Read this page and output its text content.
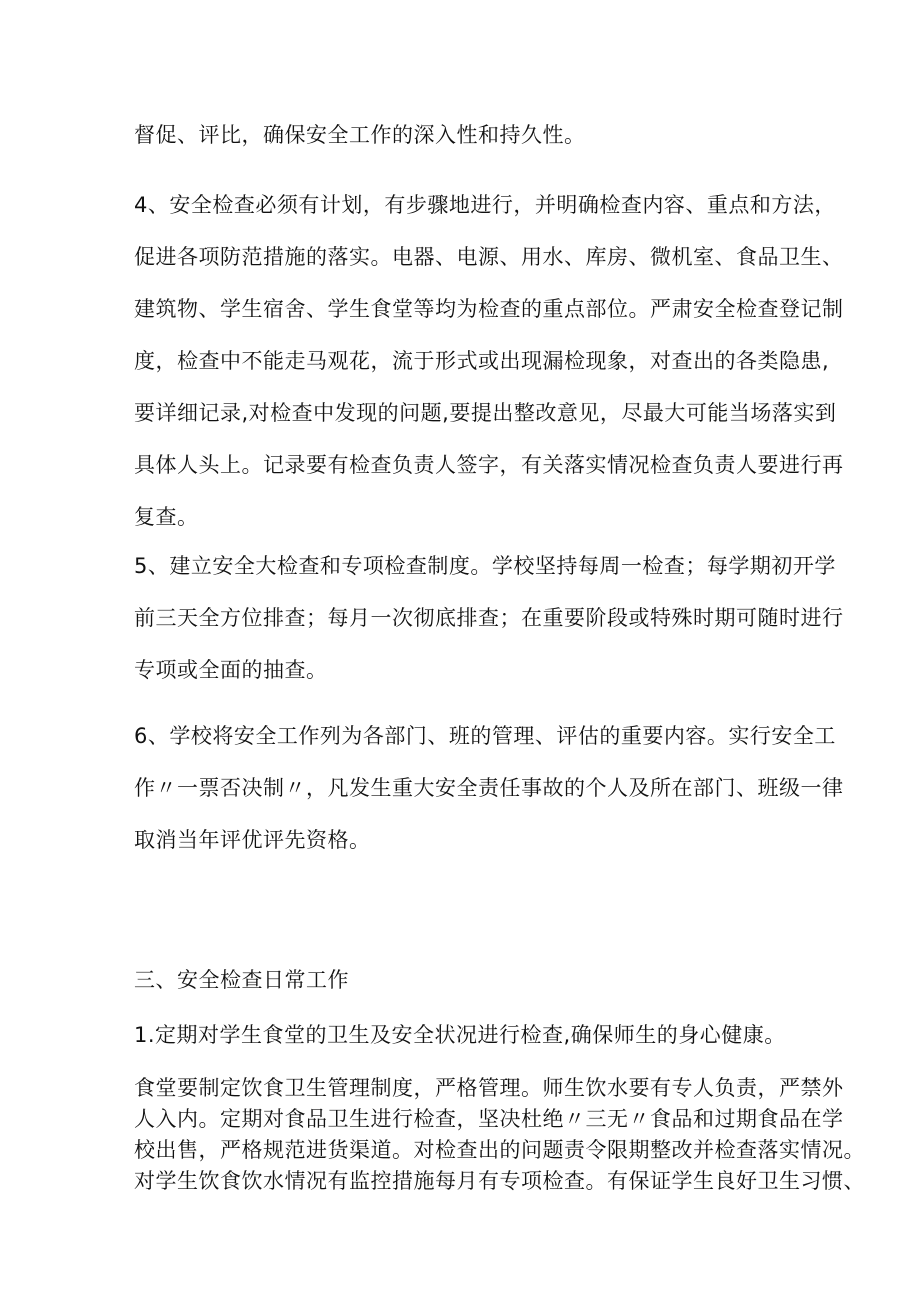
督促、评比，确保安全工作的深入性和持久性。
4、安全检查必须有计划，有步骤地进行，并明确检查内容、重点和方法，
促进各项防范措施的落实。电器、电源、用水、库房、微机室、食品卫生、
建筑物、学生宿舍、学生食堂等均为检查的重点部位。严肃安全检查登记制
度，检查中不能走马观花，流于形式或出现漏检现象，对查出的各类隐患,
要详细记录,对检查中发现的问题,要提出整改意见，尽最大可能当场落实到
具体人头上。记录要有检查负责人签字，有关落实情况检查负责人要进行再
复查。
5、建立安全大检查和专项检查制度。学校坚持每周一检查；每学期初开学
前三天全方位排查；每月一次彻底排查；在重要阶段或特殊时期可随时进行
专项或全面的抽查。
6、学校将安全工作列为各部门、班的管理、评估的重要内容。实行安全工
作〃一票否决制〃，凡发生重大安全责任事故的个人及所在部门、班级一律
取消当年评优评先资格。
三、安全检查日常工作
1.定期对学生食堂的卫生及安全状况进行检查,确保师生的身心健康。
食堂要制定饮食卫生管理制度，严格管理。师生饮水要有专人负责，严禁外
人入内。定期对食品卫生进行检查，坚决杜绝〃三无〃食品和过期食品在学
校出售，严格规范进货渠道。对检查出的问题责令限期整改并检查落实情况。
对学生饮食饮水情况有监控措施每月有专项检查。有保证学生良好卫生习惯、
